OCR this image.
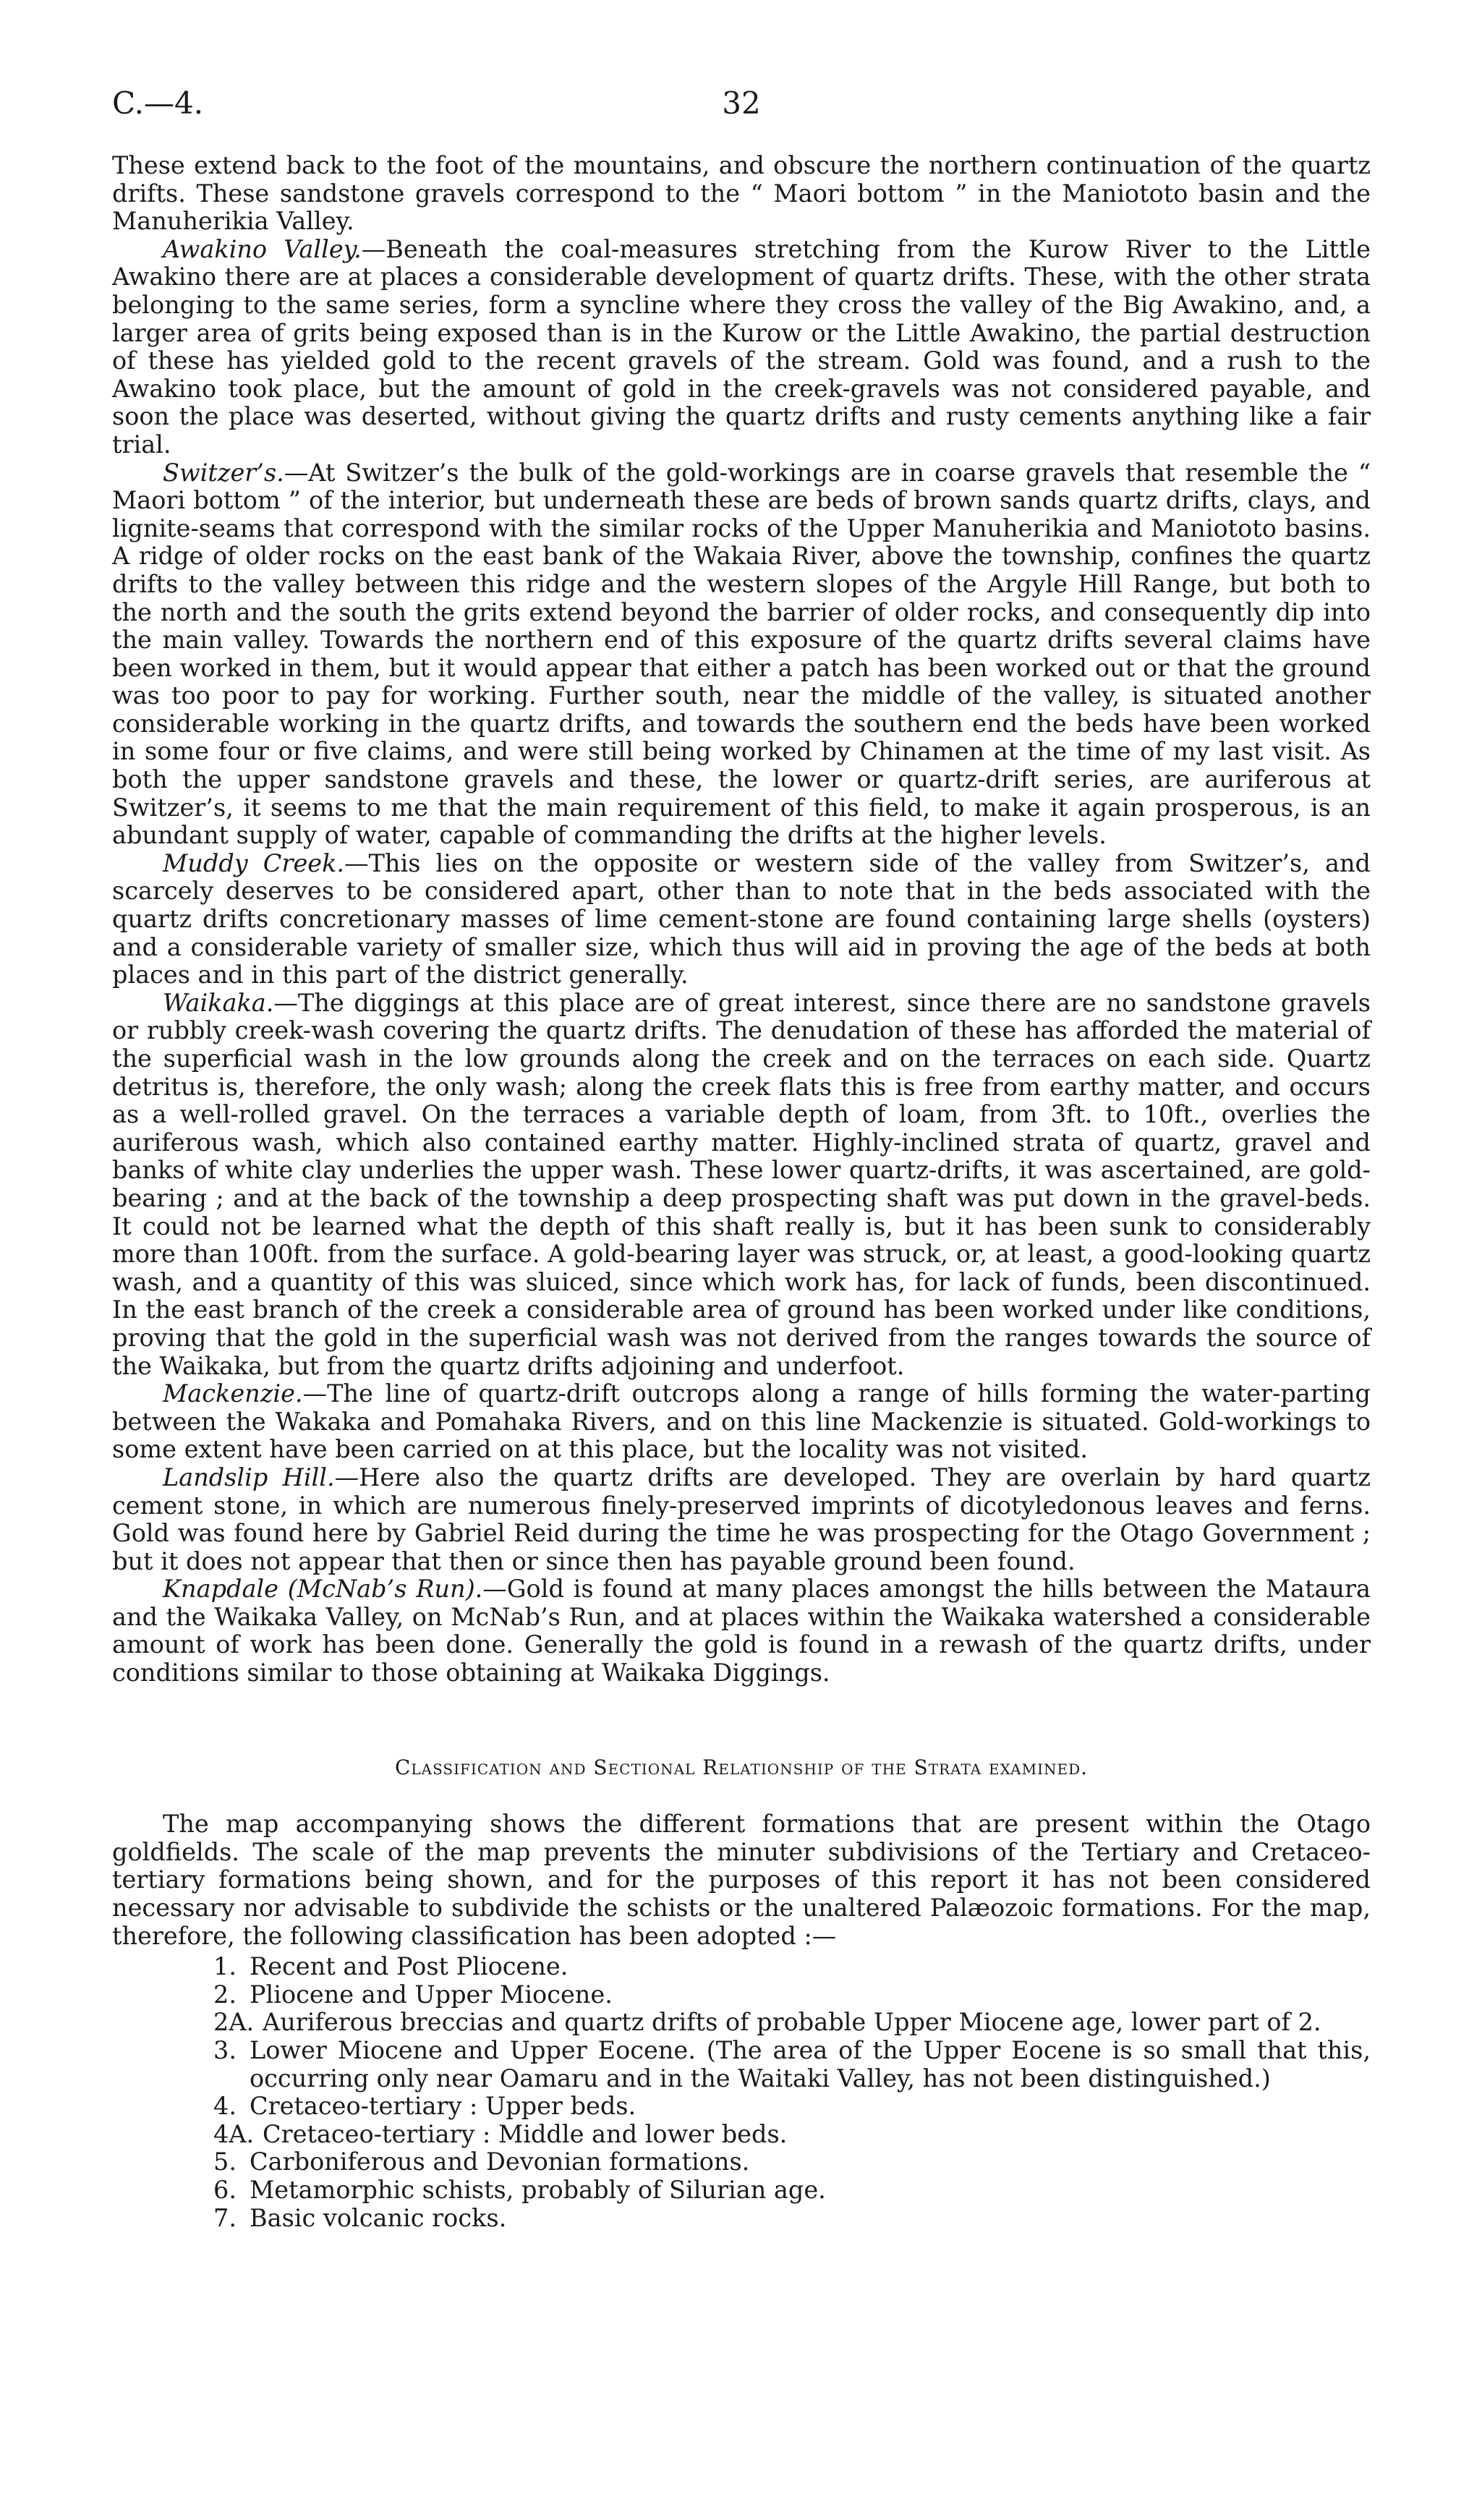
C.—4.	32

These extend back to the foot of the mountains, and obscure the northern continuation of the quartz drifts. These sandstone gravels correspond to the “ Maori bottom ” in the Maniototo basin and the Manuherikia Valley.

Awakino Valley.—Beneath the coal-measures stretching from the Kurow River to the Little Awakino there are at places a considerable development of quartz drifts. These, with the other strata belonging to the same series, form a syncline where they cross the valley of the Big Awakino, and, a larger area of grits being exposed than is in the Kurow or the Little Awakino, the partial destruction of these has yielded gold to the recent gravels of the stream. Gold was found, and a rush to the Awakino took place, but the amount of gold in the creek-gravels was not considered payable, and soon the place was deserted, without giving the quartz drifts and rusty cements anything like a fair trial.

Switzer’s.—At Switzer’s the bulk of the gold-workings are in coarse gravels that resemble the “ Maori bottom ” of the interior, but underneath these are beds of brown sands quartz drifts, clays, and lignite-seams that correspond with the similar rocks of the Upper Manuherikia and Maniototo basins. A ridge of older rocks on the east bank of the Wakaia River, above the township, confines the quartz drifts to the valley between this ridge and the western slopes of the Argyle Hill Range, but both to the north and the south the grits extend beyond the barrier of older rocks, and consequently dip into the main valley. Towards the northern end of this exposure of the quartz drifts several claims have been worked in them, but it would appear that either a patch has been worked out or that the ground was too poor to pay for working. Further south, near the middle of the valley, is situated another considerable working in the quartz drifts, and towards the southern end the beds have been worked in some four or five claims, and were still being worked by Chinamen at the time of my last visit. As both the upper sandstone gravels and these, the lower or quartz-drift series, are auriferous at Switzer’s, it seems to me that the main requirement of this field, to make it again prosperous, is an abundant supply of water, capable of commanding the drifts at the higher levels.

Muddy Creek.—This lies on the opposite or western side of the valley from Switzer’s, and scarcely deserves to be considered apart, other than to note that in the beds associated with the quartz drifts concretionary masses of lime cement-stone are found containing large shells (oysters) and a considerable variety of smaller size, which thus will aid in proving the age of the beds at both places and in this part of the district generally.

Waikaka.—The diggings at this place are of great interest, since there are no sandstone gravels or rubbly creek-wash covering the quartz drifts. The denudation of these has afforded the material of the superficial wash in the low grounds along the creek and on the terraces on each side. Quartz detritus is, therefore, the only wash; along the creek flats this is free from earthy matter, and occurs as a well-rolled gravel. On the terraces a variable depth of loam, from 3ft. to 10ft., overlies the auriferous wash, which also contained earthy matter. Highly-inclined strata of quartz, gravel and banks of white clay underlies the upper wash. These lower quartz-drifts, it was ascertained, are gold-bearing ; and at the back of the township a deep prospecting shaft was put down in the gravel-beds. It could not be learned what the depth of this shaft really is, but it has been sunk to considerably more than 100ft. from the surface. A gold-bearing layer was struck, or, at least, a good-looking quartz wash, and a quantity of this was sluiced, since which work has, for lack of funds, been discontinued. In the east branch of the creek a considerable area of ground has been worked under like conditions, proving that the gold in the superficial wash was not derived from the ranges towards the source of the Waikaka, but from the quartz drifts adjoining and underfoot.

Mackenzie.—The line of quartz-drift outcrops along a range of hills forming the water-parting between the Wakaka and Pomahaka Rivers, and on this line Mackenzie is situated. Gold-workings to some extent have been carried on at this place, but the locality was not visited.

Landslip Hill.—Here also the quartz drifts are developed. They are overlain by hard quartz cement stone, in which are numerous finely-preserved imprints of dicotyledonous leaves and ferns. Gold was found here by Gabriel Reid during the time he was prospecting for the Otago Government ; but it does not appear that then or since then has payable ground been found.

Knapdale (McNab’s Run).—Gold is found at many places amongst the hills between the Mataura and the Waikaka Valley, on McNab’s Run, and at places within the Waikaka watershed a considerable amount of work has been done. Generally the gold is found in a rewash of the quartz drifts, under conditions similar to those obtaining at Waikaka Diggings.

Classification and Sectional Relationship of the Strata examined.

The map accompanying shows the different formations that are present within the Otago goldfields. The scale of the map prevents the minuter subdivisions of the Tertiary and Cretaceo-tertiary formations being shown, and for the purposes of this report it has not been considered necessary nor advisable to subdivide the schists or the unaltered Palæozoic formations. For the map, therefore, the following classification has been adopted :—

1. Recent and Post Pliocene.
2. Pliocene and Upper Miocene.
2A. Auriferous breccias and quartz drifts of probable Upper Miocene age, lower part of 2.
3. Lower Miocene and Upper Eocene. (The area of the Upper Eocene is so small that this, occurring only near Oamaru and in the Waitaki Valley, has not been distinguished.)
4. Cretaceo-tertiary : Upper beds.
4A. Cretaceo-tertiary : Middle and lower beds.
5. Carboniferous and Devonian formations.
6. Metamorphic schists, probably of Silurian age.
7. Basic volcanic rocks.
